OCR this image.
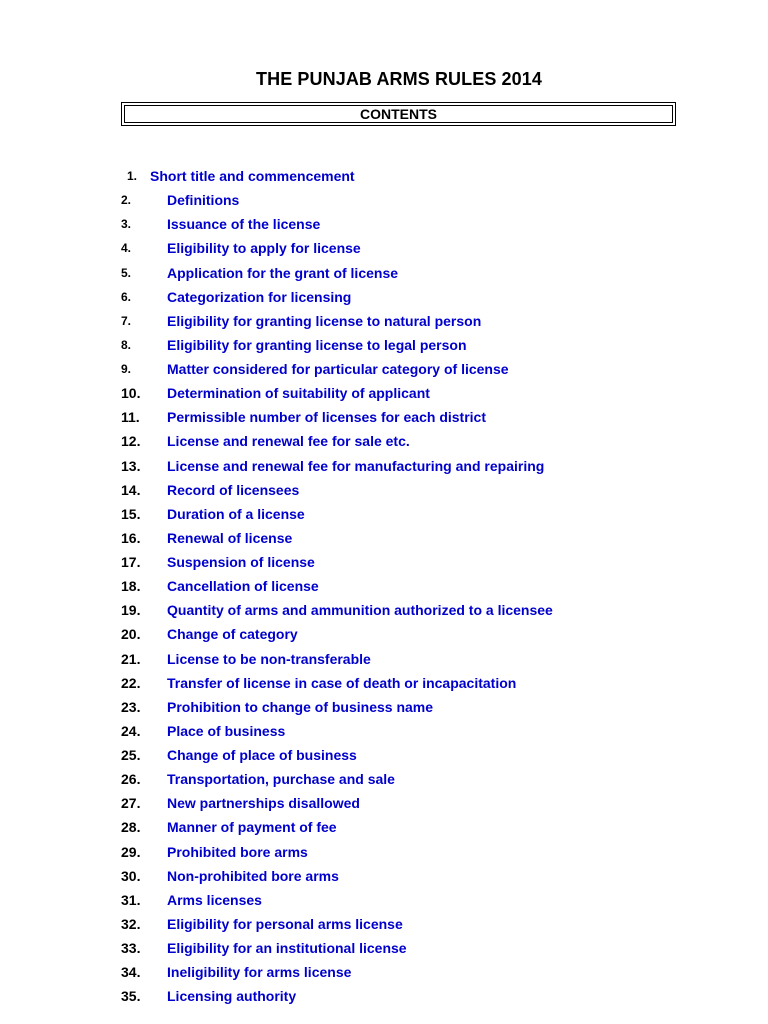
THE PUNJAB ARMS RULES 2014
CONTENTS
1. Short title and commencement
2.	Definitions
3.	Issuance of the license
4.	Eligibility to apply for license
5.	Application for the grant of license
6.	Categorization for licensing
7.	Eligibility for granting license to natural person
8.	Eligibility for granting license to legal person
9.	Matter considered for particular category of license
10. Determination of suitability of applicant
11. Permissible number of licenses for each district
12. License and renewal fee for sale etc.
13. License and renewal fee for manufacturing and repairing
14. Record of licensees
15. Duration of a license
16. Renewal of license
17. Suspension of license
18. Cancellation of license
19. Quantity of arms and ammunition authorized to a licensee
20. Change of category
21. License to be non-transferable
22. Transfer of license in case of death or incapacitation
23. Prohibition to change of business name
24. Place of business
25. Change of place of business
26. Transportation, purchase and sale
27. New partnerships disallowed
28. Manner of payment of fee
29. Prohibited bore arms
30. Non-prohibited bore arms
31. Arms licenses
32. Eligibility for personal arms license
33. Eligibility for an institutional license
34. Ineligibility for arms license
35. Licensing authority
